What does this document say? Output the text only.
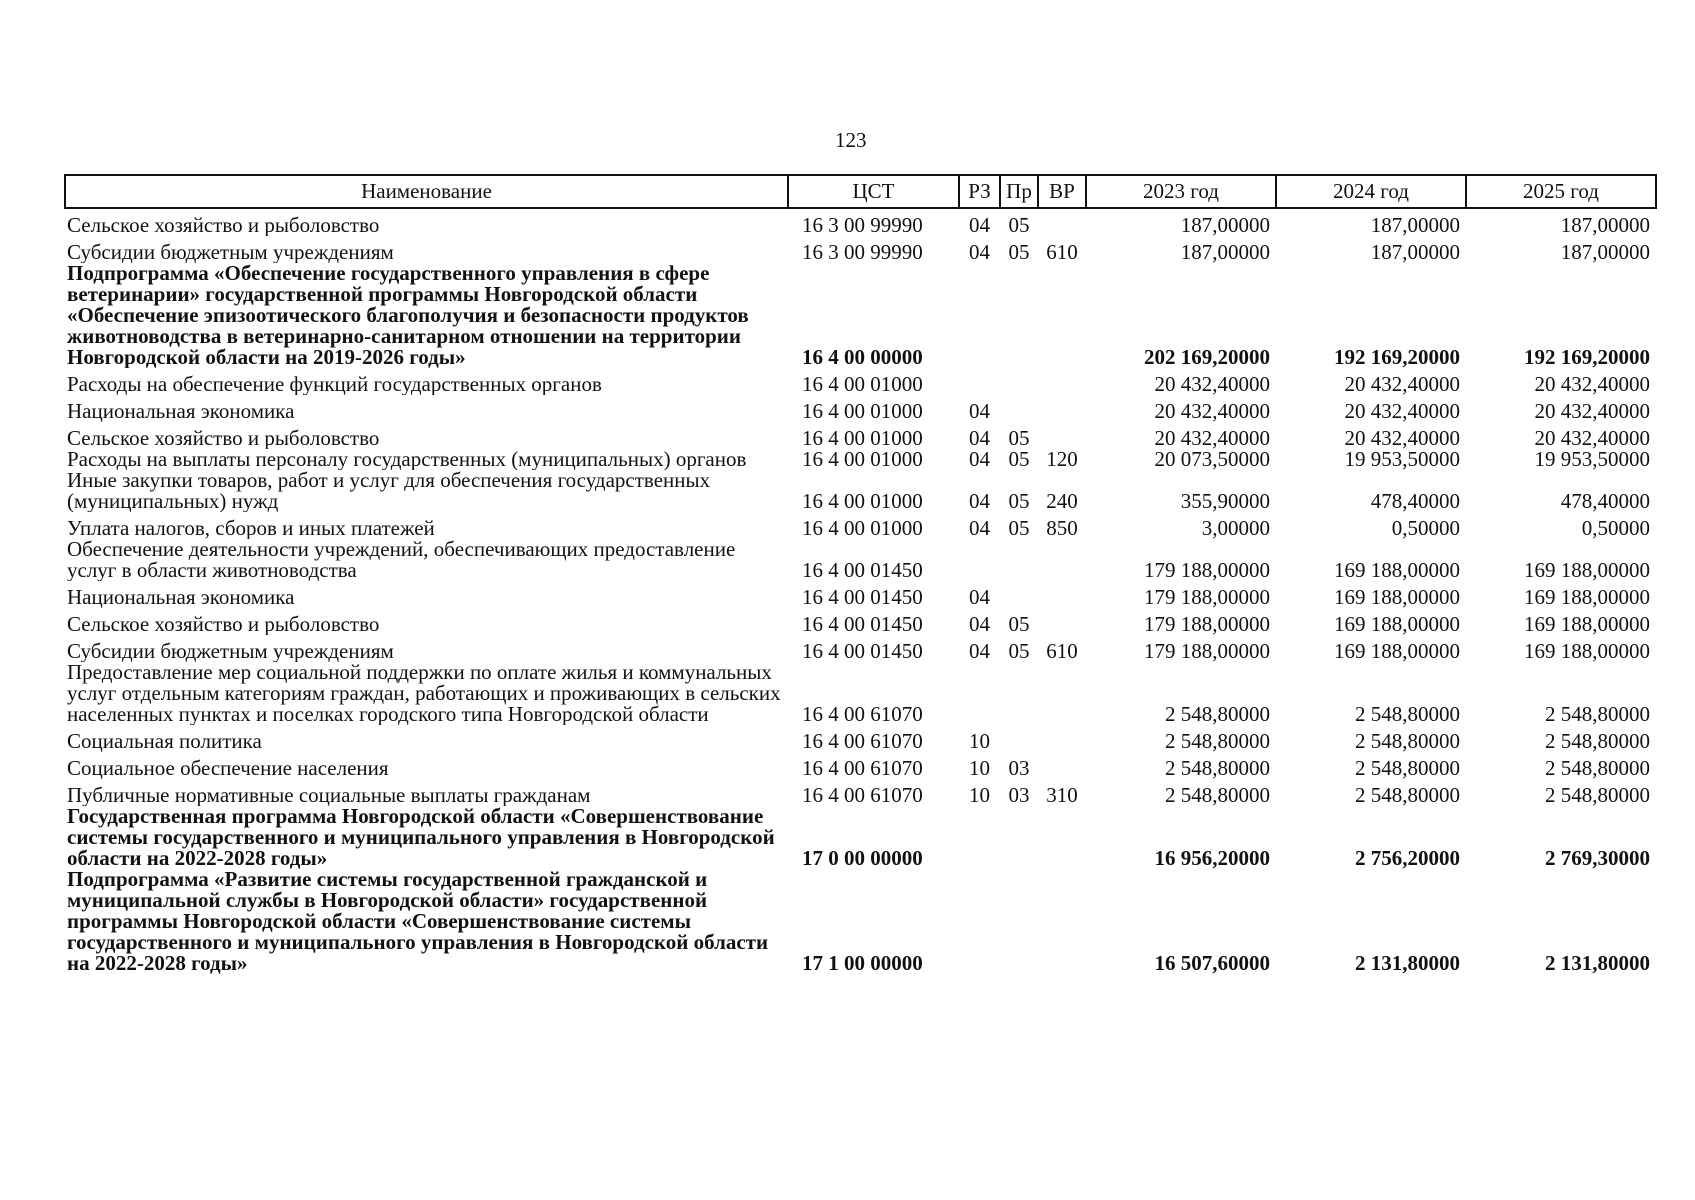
123
Наименование	ЦСТ	РЗ	Пр	ВР	2023 год	2024 год	2025 год
Сельское хозяйство и рыболовство	16 3 00 99990	04	05		187,00000	187,00000	187,00000
Субсидии бюджетным учреждениям	16 3 00 99990	04	05	610	187,00000	187,00000	187,00000
Подпрограмма «Обеспечение государственного управления в сфере ветеринарии» государственной программы Новгородской области «Обеспечение эпизоотического благополучия и безопасности продуктов животноводства в ветеринарно-санитарном отношении на территории Новгородской области на 2019-2026 годы»	16 4 00 00000				202 169,20000	192 169,20000	192 169,20000
Расходы на обеспечение функций государственных органов	16 4 00 01000				20 432,40000	20 432,40000	20 432,40000
Национальная экономика	16 4 00 01000	04			20 432,40000	20 432,40000	20 432,40000
Сельское хозяйство и рыболовство	16 4 00 01000	04	05		20 432,40000	20 432,40000	20 432,40000
Расходы на выплаты персоналу государственных (муниципальных) органов	16 4 00 01000	04	05	120	20 073,50000	19 953,50000	19 953,50000
Иные закупки товаров, работ и услуг для обеспечения государственных (муниципальных) нужд	16 4 00 01000	04	05	240	355,90000	478,40000	478,40000
Уплата налогов, сборов и иных платежей	16 4 00 01000	04	05	850	3,00000	0,50000	0,50000
Обеспечение деятельности учреждений, обеспечивающих предоставление услуг в области животноводства	16 4 00 01450				179 188,00000	169 188,00000	169 188,00000
Национальная экономика	16 4 00 01450	04			179 188,00000	169 188,00000	169 188,00000
Сельское хозяйство и рыболовство	16 4 00 01450	04	05		179 188,00000	169 188,00000	169 188,00000
Субсидии бюджетным учреждениям	16 4 00 01450	04	05	610	179 188,00000	169 188,00000	169 188,00000
Предоставление мер социальной поддержки по оплате жилья и коммунальных услуг отдельным категориям граждан, работающих и проживающих в сельских населенных пунктах и поселках городского типа Новгородской области	16 4 00 61070				2 548,80000	2 548,80000	2 548,80000
Социальная политика	16 4 00 61070	10			2 548,80000	2 548,80000	2 548,80000
Социальное обеспечение населения	16 4 00 61070	10	03		2 548,80000	2 548,80000	2 548,80000
Публичные нормативные социальные выплаты гражданам	16 4 00 61070	10	03	310	2 548,80000	2 548,80000	2 548,80000
Государственная программа Новгородской области «Совершенствование системы государственного и муниципального управления в Новгородской области на 2022-2028 годы»	17 0 00 00000				16 956,20000	2 756,20000	2 769,30000
Подпрограмма «Развитие системы государственной гражданской и муниципальной службы в Новгородской области» государственной программы Новгородской области «Совершенствование системы государственного и муниципального управления в Новгородской области на 2022-2028 годы»	17 1 00 00000				16 507,60000	2 131,80000	2 131,80000
